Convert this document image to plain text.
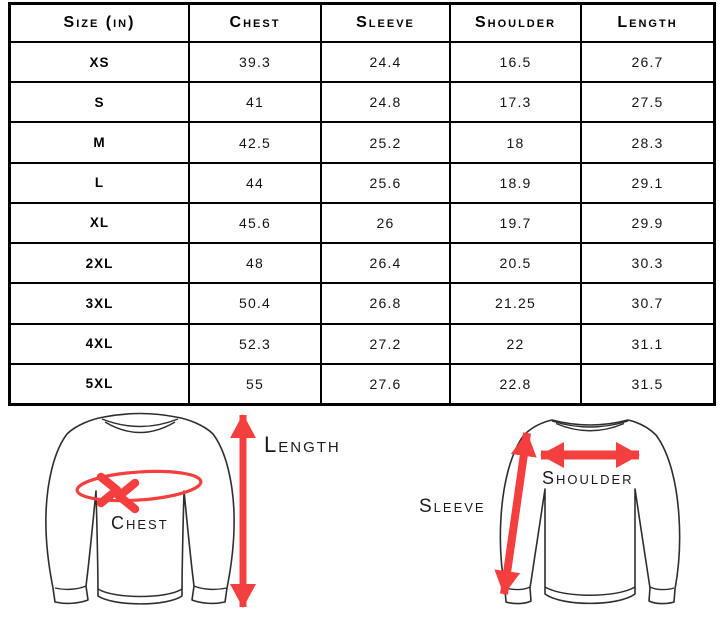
Size (in)	Chest	Sleeve	Shoulder	Length
XS	39.3	24.4	16.5	26.7
S	41	24.8	17.3	27.5
M	42.5	25.2	18	28.3
L	44	25.6	18.9	29.1
XL	45.6	26	19.7	29.9
2XL	48	26.4	20.5	30.3
3XL	50.4	26.8	21.25	30.7
4XL	52.3	27.2	22	31.1
5XL	55	27.6	22.8	31.5
Length
Chest
Sleeve
Shoulder
